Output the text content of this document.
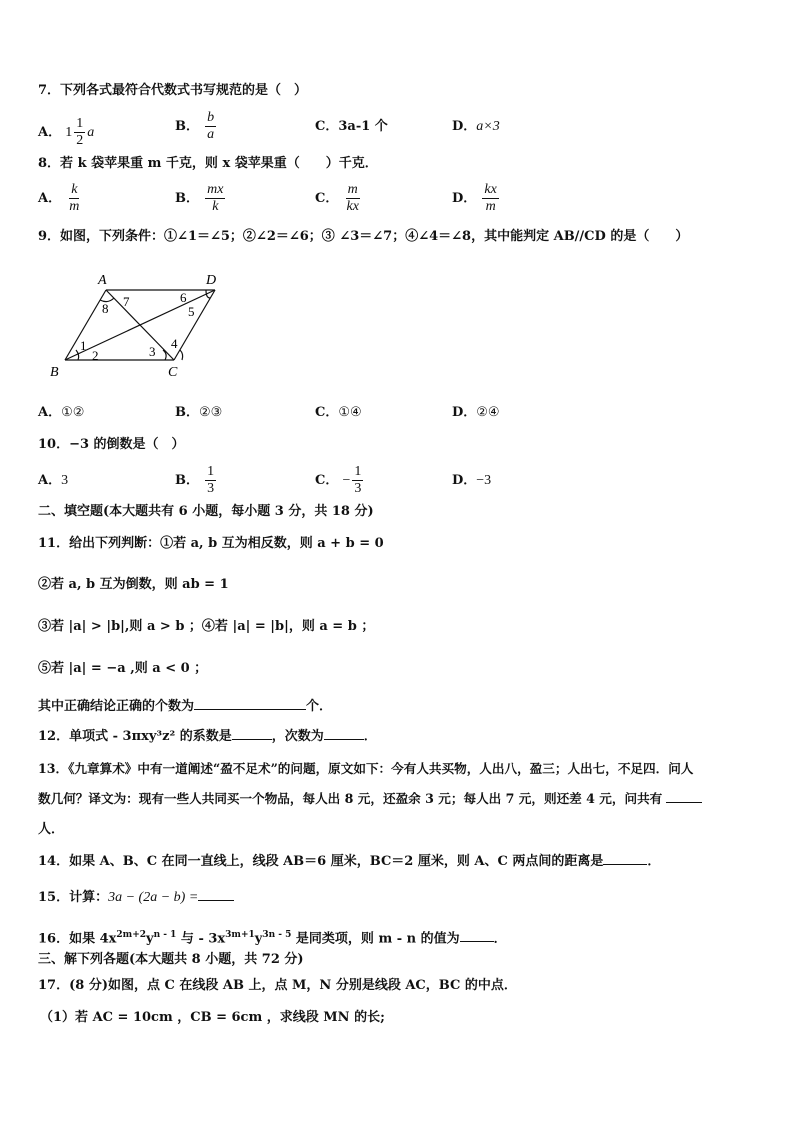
7．下列各式最符合代数式书写规范的是（　）
A． $1 \frac{1}{2}$ a	B． $\frac{b}{a}$	C．3a-1 个	D．a×3
8．若 k 袋苹果重 m 千克，则 x 袋苹果重（　　）千克．
A． $\frac{k}{m}$	B． $\frac{mx}{k}$	C． $\frac{m}{kx}$	D． $\frac{kx}{m}$
9．如图，下列条件：①∠1＝∠5；②∠2＝∠6；③ ∠3＝∠7；④∠4＝∠8，其中能判定 AB//CD 的是（　　）
A	D
B	C
1
2	3
4
5
6
7
8
A．①②	B．②③	C．①④	D．②④
10．−3 的倒数是（　）
A．3	B． $\frac{1}{3}$	C． − $\frac{1}{3}$	D．−3
二、填空题(本大题共有 6 小题，每小题 3 分，共 18 分)
11．给出下列判断：①若 a, b 互为相反数，则 a + b = 0
②若 a, b 互为倒数，则 ab = 1
③若 |a| > |b|,则 a > b ；④若 |a| = |b|，则 a = b ；
⑤若 |a| = −a ,则 a < 0 ；
其中正确结论正确的个数为	个．
12．单项式 - 3πxy³z² 的系数是	，次数为	．
13．《九章算术》中有一道阐述“盈不足术”的问题，原文如下：今有人共买物，人出八，盈三；人出七，不足四．问人
数几何？译文为：现有一些人共同买一个物品，每人出 8 元，还盈余 3 元；每人出 7 元，则还差 4 元，问共有
人．
14．如果 A、B、C 在同一直线上，线段 AB＝6 厘米，BC＝2 厘米，则 A、C 两点间的距离是	．
15．计算：3a − (2a − b) =
16．如果 $4x^{2m+2}y^{n - 1}$ 与 - $3x^{3m+1}y^{3n - 5}$ 是同类项，则 m - n 的值为	．
三、解下列各题(本大题共 8 小题，共 72 分)
17．(8 分)如图，点 C 在线段 AB 上，点 M，N 分别是线段 AC，BC 的中点．
（1）若 AC = 10cm ，CB = 6cm ，求线段 MN 的长;
